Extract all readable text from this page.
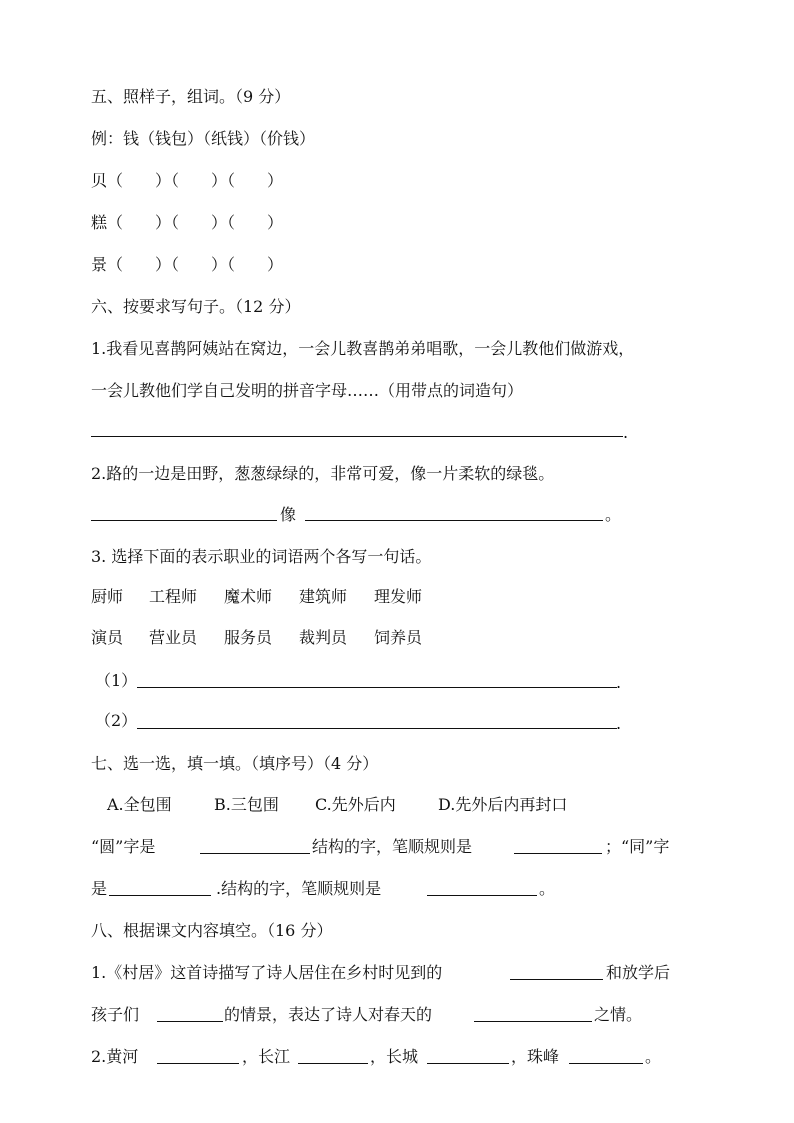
五、照样子，组词。（9 分）
例：钱（钱包）（纸钱）（价钱）
贝（　　）（　　）（　　）
糕（　　）（　　）（　　）
景（　　）（　　）（　　）
六、按要求写句子。（12 分）
1.我看见喜鹊阿姨站在窝边，一会儿教喜鹊弟弟唱歌，一会儿教他们做游戏，
一会儿教他们学自己发明的拼音字母……（用带点的词造句）
.
2.路的一边是田野，葱葱绿绿的，非常可爱，像一片柔软的绿毯。
像	。
3. 选择下面的表示职业的词语两个各写一句话。
厨师 工程师 魔术师 建筑师 理发师
演员 营业员 服务员 裁判员 饲养员
（1）	.
（2）	.
七、选一选，填一填。（填序号）（4 分）
A.全包围	B.三包围 C.先外后内	D.先外后内再封口
“圆”字是	结构的字，笔顺规则是	；“同”字
是	.结构的字，笔顺规则是	。
八、根据课文内容填空。（16 分）
1.《村居》这首诗描写了诗人居住在乡村时见到的	和放学后
孩子们	的情景，表达了诗人对春天的	之情。
2.黄河	，长江	，长城	，珠峰	。
